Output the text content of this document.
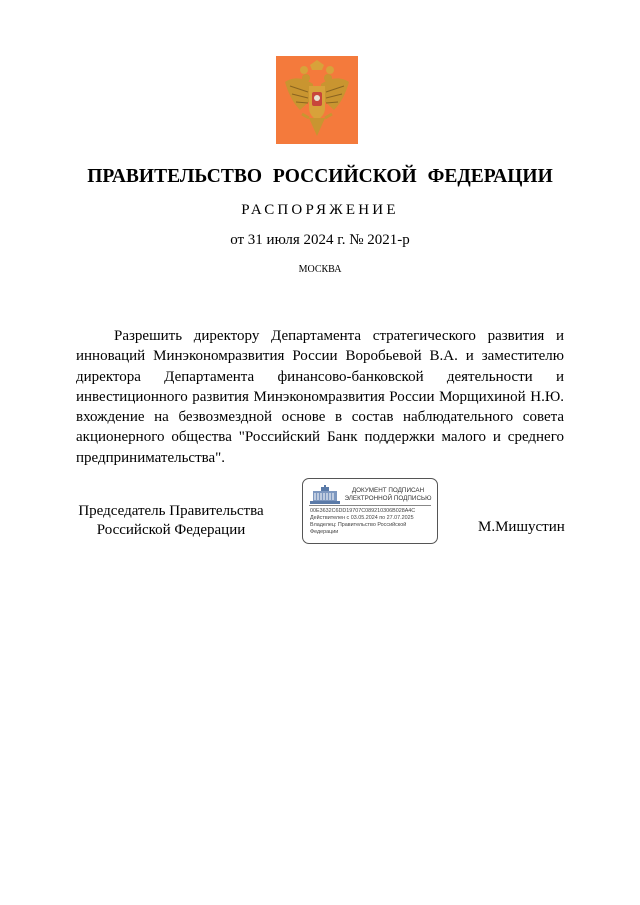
ПРАВИТЕЛЬСТВО РОССИЙСКОЙ ФЕДЕРАЦИИ
РАСПОРЯЖЕНИЕ
от 31 июля 2024 г. № 2021-р
МОСКВА

Разрешить директору Департамента стратегического развития и инноваций Минэкономразвития России Воробьевой В.А. и заместителю директора Департамента финансово-банковской деятельности и инвестиционного развития Минэкономразвития России Морщихиной Н.Ю. вхождение на безвозмездной основе в состав наблюдательного совета акционерного общества "Российский Банк поддержки малого и среднего предпринимательства".

Председатель Правительства
Российской Федерации
ДОКУМЕНТ ПОДПИСАН
ЭЛЕКТРОННОЙ ПОДПИСЬЮ
00E3632C6DD19707C089210306B028A4C
Действителен с 03.05.2024 по 27.07.2025
Владелец: Правительство Российской
Федерации	М.Мишустин
